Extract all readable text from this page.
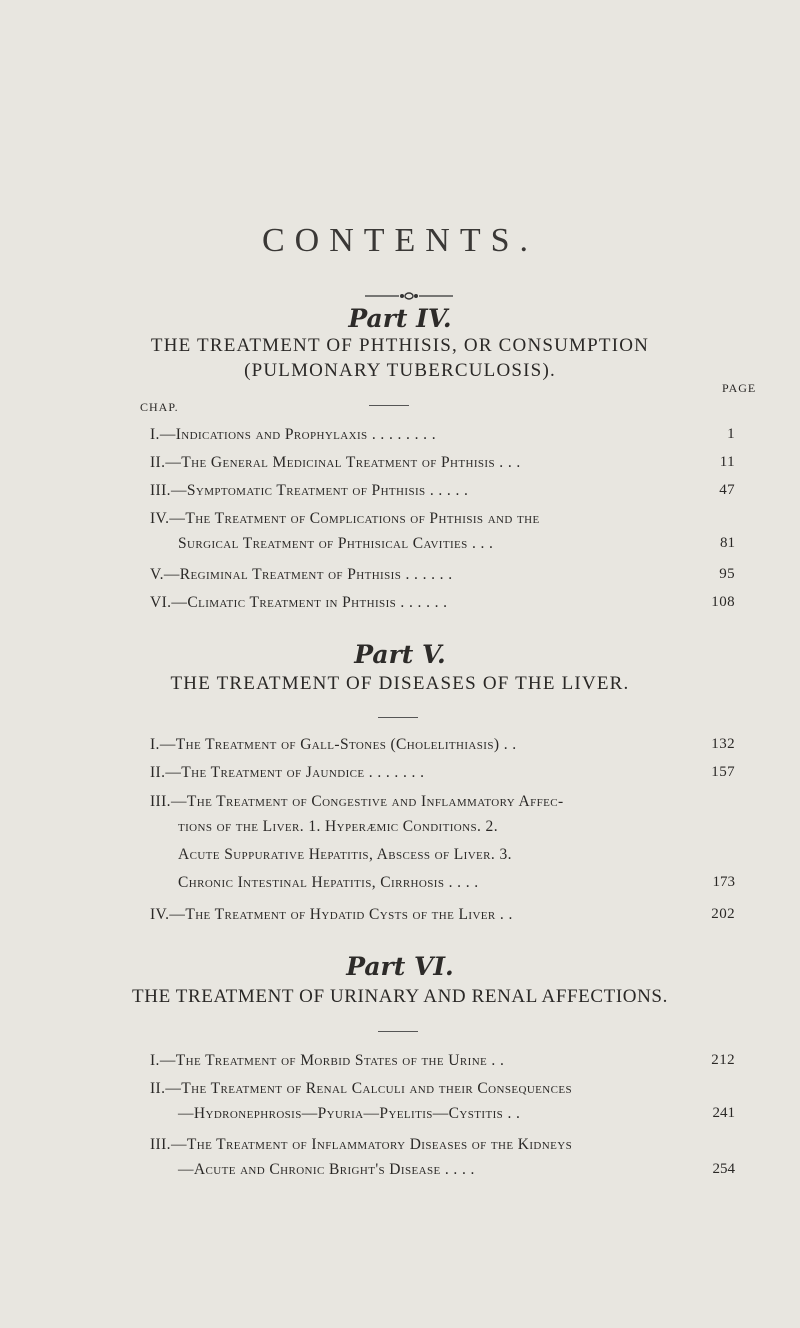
CONTENTS.
Part IV.
THE TREATMENT OF PHTHISIS, OR CONSUMPTION
(PULMONARY TUBERCULOSIS).
PAGE
CHAP.
I.—Indications and Prophylaxis . . . . . . . .	1
II.—The General Medicinal Treatment of Phthisis . . .	11
III.—Symptomatic Treatment of Phthisis . . . . .	47
IV.—The Treatment of Complications of Phthisis and the
Surgical Treatment of Phthisical Cavities . . .	81
V.—Regiminal Treatment of Phthisis . . . . . .	95
VI.—Climatic Treatment in Phthisis . . . . . .	108
Part V.
THE TREATMENT OF DISEASES OF THE LIVER.
I.—The Treatment of Gall-Stones (Cholelithiasis) . .	132
II.—The Treatment of Jaundice . . . . . . .	157
III.—The Treatment of Congestive and Inflammatory Affec-
tions of the Liver. 1. Hyperæmic Conditions. 2.
Acute Suppurative Hepatitis, Abscess of Liver. 3.
Chronic Intestinal Hepatitis, Cirrhosis . . . .	173
IV.—The Treatment of Hydatid Cysts of the Liver . .	202
Part VI.
THE TREATMENT OF URINARY AND RENAL AFFECTIONS.
I.—The Treatment of Morbid States of the Urine . .	212
II.—The Treatment of Renal Calculi and their Consequences
—Hydronephrosis—Pyuria—Pyelitis—Cystitis . .	241
III.—The Treatment of Inflammatory Diseases of the Kidneys
—Acute and Chronic Bright's Disease . . . .	254
